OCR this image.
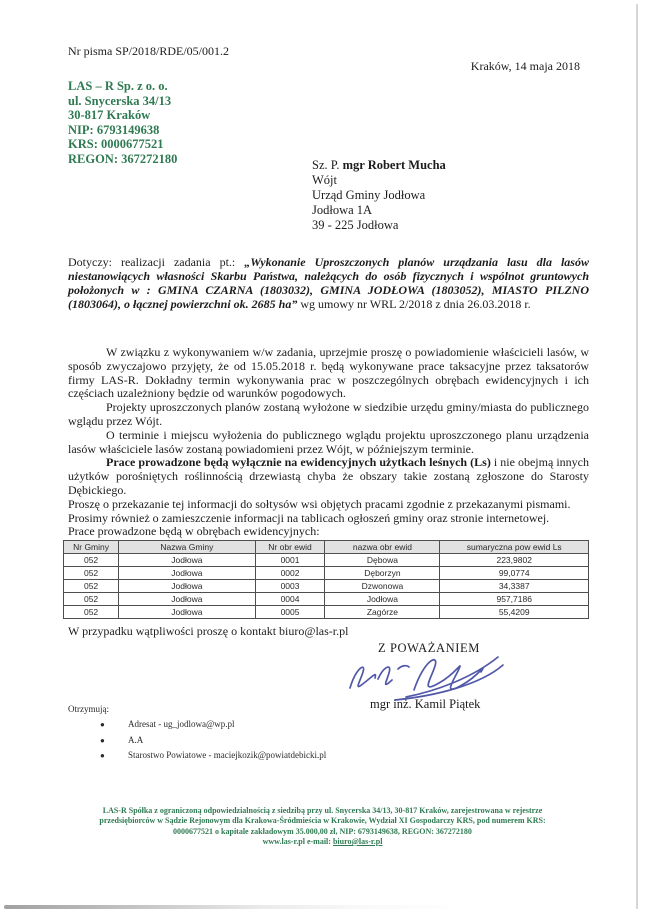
Nr pisma SP/2018/RDE/05/001.2
Kraków, 14 maja 2018
LAS – R Sp. z o. o.
ul. Snycerska 34/13
30-817 Kraków
NIP: 6793149638
KRS: 0000677521
REGON: 367272180	Sz. P. mgr Robert Mucha
Wójt
Urząd Gminy Jodłowa
Jodłowa 1A
39 - 225 Jodłowa
Dotyczy: realizacji zadania pt.: „Wykonanie Uproszczonych planów urządzania lasu dla lasów niestanowiących własności Skarbu Państwa, należących do osób fizycznych i wspólnot gruntowych położonych w : GMINA CZARNA (1803032), GMINA JODŁOWA (1803052), MIASTO PILZNO (1803064), o łącznej powierzchni ok. 2685 ha” wg umowy nr WRL 2/2018 z dnia 26.03.2018 r.

W związku z wykonywaniem w/w zadania, uprzejmie proszę o powiadomienie właścicieli lasów, w sposób zwyczajowo przyjęty, że od 15.05.2018 r. będą wykonywane prace taksacyjne przez taksatorów firmy LAS-R. Dokładny termin wykonywania prac w poszczególnych obrębach ewidencyjnych i ich częściach uzależniony będzie od warunków pogodowych.

Projekty uproszczonych planów zostaną wyłożone w siedzibie urzędu gminy/miasta do publicznego wglądu przez Wójt.

O terminie i miejscu wyłożenia do publicznego wglądu projektu uproszczonego planu urządzenia lasów właściciele lasów zostaną powiadomieni przez Wójt, w późniejszym terminie.

Prace prowadzone będą wyłącznie na ewidencyjnych użytkach leśnych (Ls) i nie obejmą innych użytków porośniętych roślinnością drzewiastą chyba że obszary takie zostaną zgłoszone do Starosty Dębickiego.

Proszę o przekazanie tej informacji do sołtysów wsi objętych pracami zgodnie z przekazanymi pismami.

Prosimy również o zamieszczenie informacji na tablicach ogłoszeń gminy oraz stronie internetowej.

Prace prowadzone będą w obrębach ewidencyjnych:

Nr Gminy	Nazwa Gminy	Nr obr ewid	nazwa obr ewid	sumaryczna pow ewid Ls
052	Jodłowa	0001	Dębowa	223,9802
052	Jodłowa	0002	Dęborzyn	99,0774
052	Jodłowa	0003	Dzwonowa	34,3387
052	Jodłowa	0004	Jodłowa	957,7186
052	Jodłowa	0005	Zagórze	55,4209
W przypadku wątpliwości proszę o kontakt biuro@las-r.pl
Z POWAŻANIEM
mgr inż. Kamil Piątek
Otrzymują:
●	Adresat - ug_jodlowa@wp.pl
●	A.A
●	Starostwo Powiatowe - maciejkozik@powiatdebicki.pl
LAS-R Spółka z ograniczoną odpowiedzialnością z siedzibą przy ul. Snycerska 34/13, 30-817 Kraków, zarejestrowana w rejestrze
przedsiębiorców w Sądzie Rejonowym dla Krakowa-Śródmieścia w Krakowie, Wydział XI Gospodarczy KRS, pod numerem KRS:
0000677521 o kapitale zakładowym 35.000,00 zł, NIP: 6793149638, REGON: 367272180
www.las-r.pl e-mail: biuro@las-r.pl
